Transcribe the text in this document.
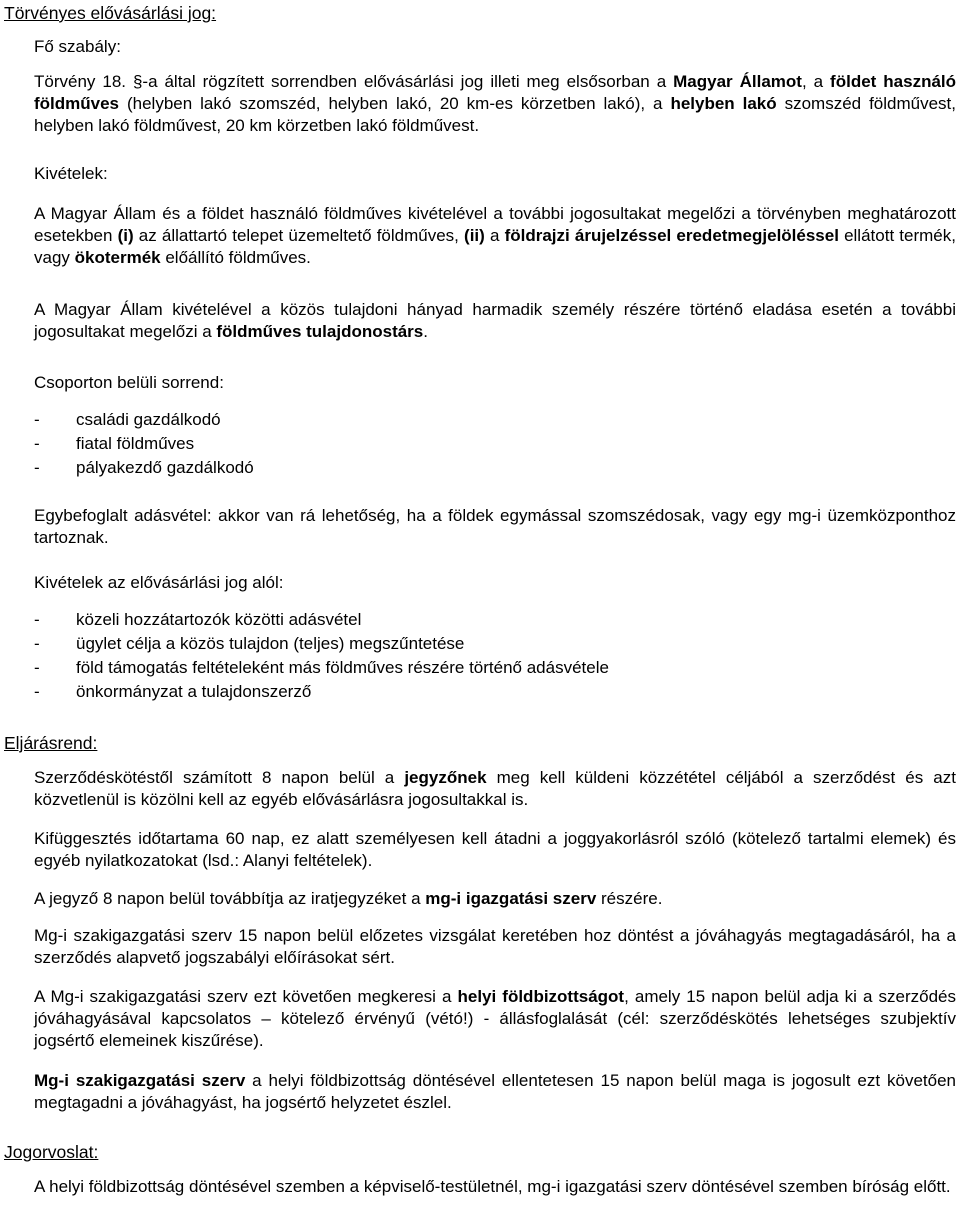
Törvényes elővásárlási jog:
Fő szabály:
Törvény 18. §-a által rögzített sorrendben elővásárlási jog illeti meg elsősorban a Magyar Államot, a földet használó földműves (helyben lakó szomszéd, helyben lakó, 20 km-es körzetben lakó), a helyben lakó szomszéd földművest, helyben lakó földművest, 20 km körzetben lakó földművest.
Kivételek:
A Magyar Állam és a földet használó földműves kivételével a további jogosultakat megelőzi a törvényben meghatározott esetekben (i) az állattartó telepet üzemeltető földműves, (ii) a földrajzi árujelzéssel eredetmegjelöléssel ellátott termék, vagy ökotermék előállító földműves.
A Magyar Állam kivételével a közös tulajdoni hányad harmadik személy részére történő eladása esetén a további jogosultakat megelőzi a földműves tulajdonostárs.
Csoporton belüli sorrend:
-	családi gazdálkodó
-	fiatal földműves
-	pályakezdő gazdálkodó
Egybefoglalt adásvétel: akkor van rá lehetőség, ha a földek egymással szomszédosak, vagy egy mg-i üzemközponthoz tartoznak.
Kivételek az elővásárlási jog alól:
-	közeli hozzátartozók közötti adásvétel
-	ügylet célja a közös tulajdon (teljes) megszűntetése
-	föld támogatás feltételeként más földműves részére történő adásvétele
-	önkormányzat a tulajdonszerző
Eljárásrend:
Szerződéskötéstől számított 8 napon belül a jegyzőnek meg kell küldeni közzététel céljából a szerződést és azt közvetlenül is közölni kell az egyéb elővásárlásra jogosultakkal is.
Kifüggesztés időtartama 60 nap, ez alatt személyesen kell átadni a joggyakorlásról szóló (kötelező tartalmi elemek) és egyéb nyilatkozatokat (lsd.: Alanyi feltételek).
A jegyző 8 napon belül továbbítja az iratjegyzéket a mg-i igazgatási szerv részére.
Mg-i szakigazgatási szerv 15 napon belül előzetes vizsgálat keretében hoz döntést a jóváhagyás megtagadásáról, ha a szerződés alapvető jogszabályi előírásokat sért.
A Mg-i szakigazgatási szerv ezt követően megkeresi a helyi földbizottságot, amely 15 napon belül adja ki a szerződés jóváhagyásával kapcsolatos – kötelező érvényű (vétó!) - állásfoglalását (cél: szerződéskötés lehetséges szubjektív jogsértő elemeinek kiszűrése).
Mg-i szakigazgatási szerv a helyi földbizottság döntésével ellentetesen 15 napon belül maga is jogosult ezt követően megtagadni a jóváhagyást, ha jogsértő helyzetet észlel.
Jogorvoslat:
A helyi földbizottság döntésével szemben a képviselő-testületnél, mg-i igazgatási szerv döntésével szemben bíróság előtt.
